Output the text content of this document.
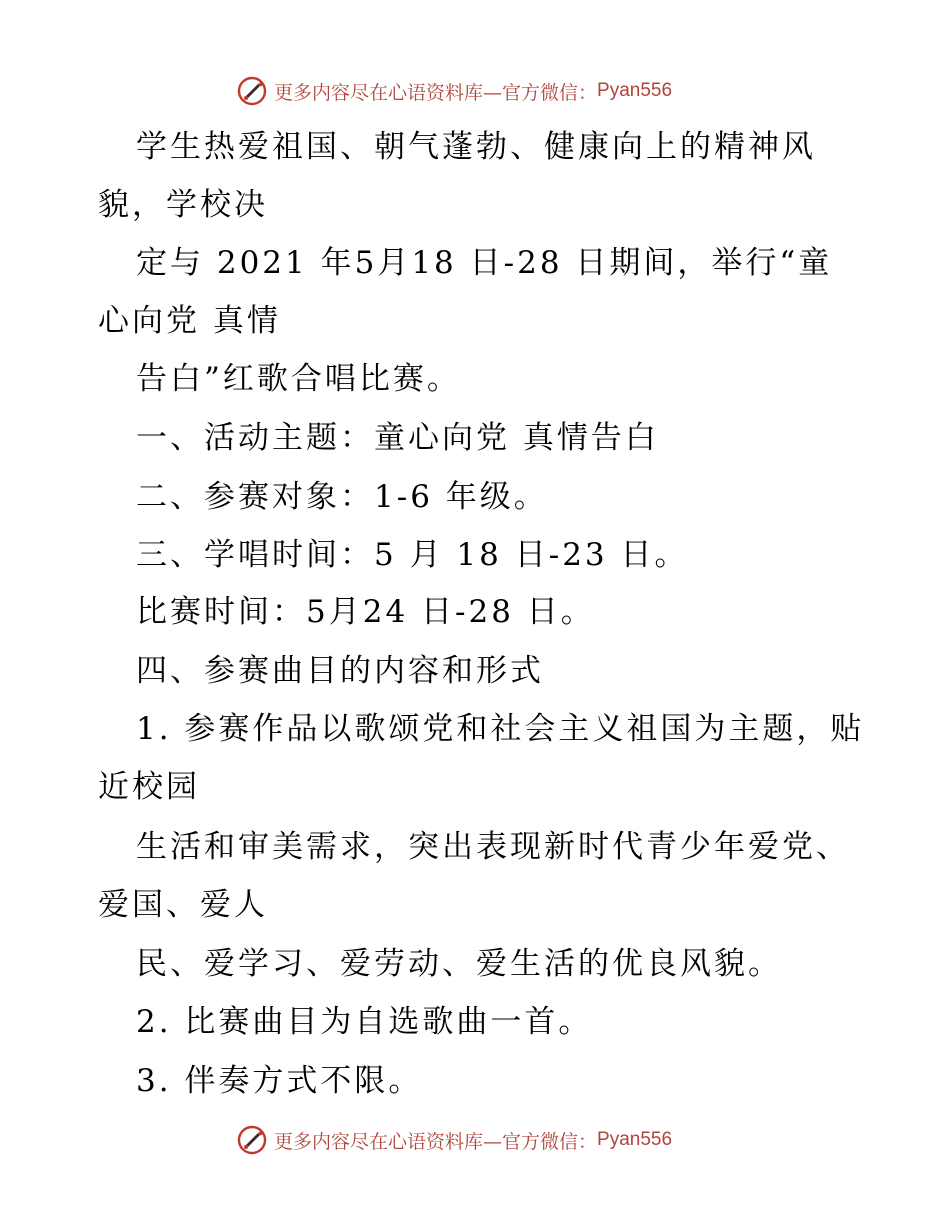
更多内容尽在心语资料库—官方微信： Pyan556
学生热爱祖国、朝气蓬勃、健康向上的精神风
貌，学校决
定与 2021 年5月18 日-28 日期间，举行“童
心向党 真情
告白”红歌合唱比赛。
一、活动主题：童心向党 真情告白
二、参赛对象：1-6 年级。
三、学唱时间：5 月 18 日-23 日。
比赛时间：5月24 日-28 日。
四、参赛曲目的内容和形式
1. 参赛作品以歌颂党和社会主义祖国为主题，贴
近校园
生活和审美需求，突出表现新时代青少年爱党、
爱国、爱人
民、爱学习、爱劳动、爱生活的优良风貌。
2. 比赛曲目为自选歌曲一首。
3. 伴奏方式不限。
更多内容尽在心语资料库—官方微信： Pyan556
